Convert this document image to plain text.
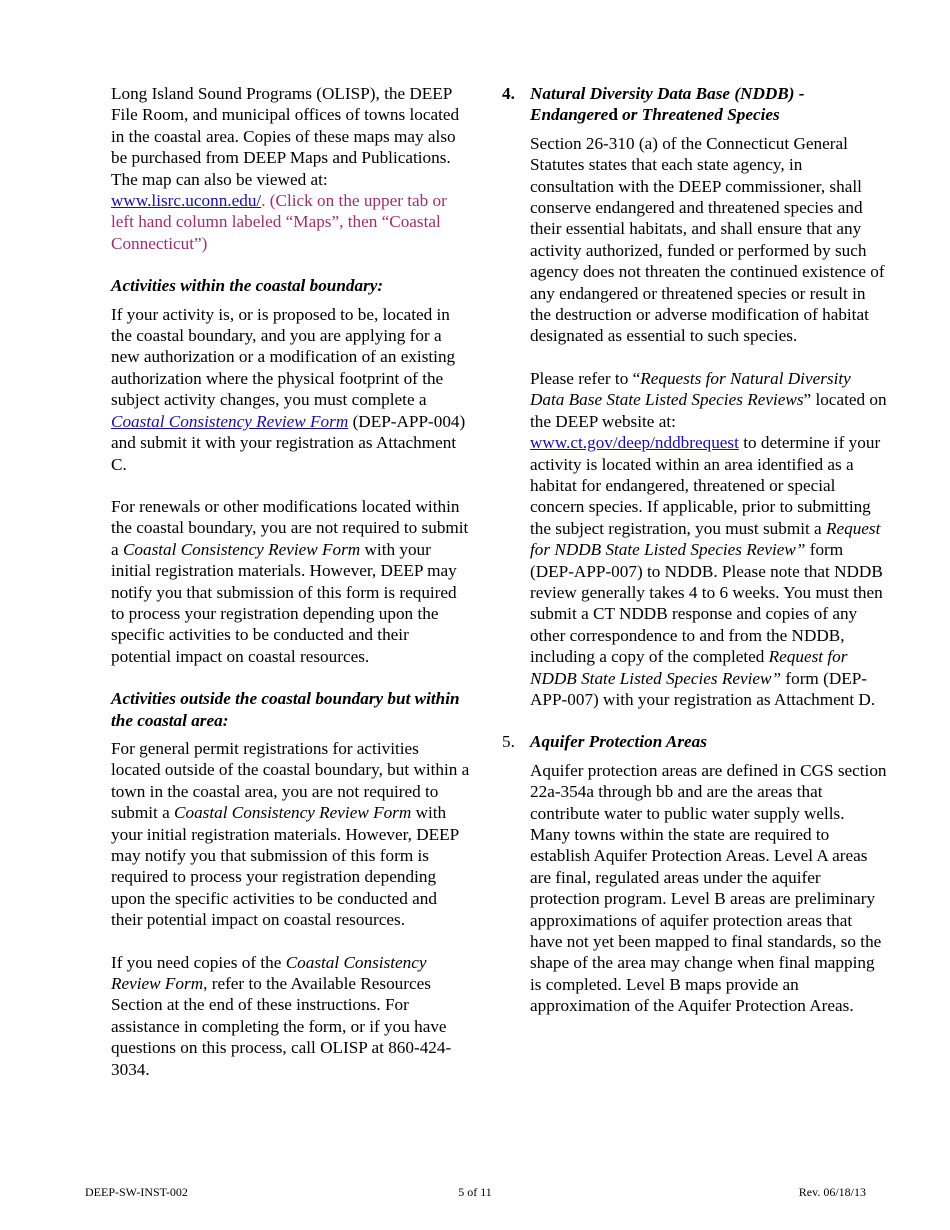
Long Island Sound Programs (OLISP), the DEEP File Room, and municipal offices of towns located in the coastal area. Copies of these maps may also be purchased from DEEP Maps and Publications. The map can also be viewed at: www.lisrc.uconn.edu/. (Click on the upper tab or left hand column labeled “Maps”, then “Coastal Connecticut”)

Activities within the coastal boundary:

If your activity is, or is proposed to be, located in the coastal boundary, and you are applying for a new authorization or a modification of an existing authorization where the physical footprint of the subject activity changes, you must complete a Coastal Consistency Review Form (DEP-APP-004) and submit it with your registration as Attachment C.

For renewals or other modifications located within the coastal boundary, you are not required to submit a Coastal Consistency Review Form with your initial registration materials. However, DEEP may notify you that submission of this form is required to process your registration depending upon the specific activities to be conducted and their potential impact on coastal resources.

Activities outside the coastal boundary but within the coastal area:

For general permit registrations for activities located outside of the coastal boundary, but within a town in the coastal area, you are not required to submit a Coastal Consistency Review Form with your initial registration materials. However, DEEP may notify you that submission of this form is required to process your registration depending upon the specific activities to be conducted and their potential impact on coastal resources.

If you need copies of the Coastal Consistency Review Form, refer to the Available Resources Section at the end of these instructions. For assistance in completing the form, or if you have questions on this process, call OLISP at 860-424-3034.

4. Natural Diversity Data Base (NDDB) - Endangered or Threatened Species

Section 26-310 (a) of the Connecticut General Statutes states that each state agency, in consultation with the DEEP commissioner, shall conserve endangered and threatened species and their essential habitats, and shall ensure that any activity authorized, funded or performed by such agency does not threaten the continued existence of any endangered or threatened species or result in the destruction or adverse modification of habitat designated as essential to such species.

Please refer to “Requests for Natural Diversity Data Base State Listed Species Reviews” located on the DEEP website at: www.ct.gov/deep/nddbrequest to determine if your activity is located within an area identified as a habitat for endangered, threatened or special concern species. If applicable, prior to submitting the subject registration, you must submit a Request for NDDB State Listed Species Review” form (DEP-APP-007) to NDDB. Please note that NDDB review generally takes 4 to 6 weeks. You must then submit a CT NDDB response and copies of any other correspondence to and from the NDDB, including a copy of the completed Request for NDDB State Listed Species Review” form (DEP-APP-007) with your registration as Attachment D.

5. Aquifer Protection Areas

Aquifer protection areas are defined in CGS section 22a-354a through bb and are the areas that contribute water to public water supply wells. Many towns within the state are required to establish Aquifer Protection Areas. Level A areas are final, regulated areas under the aquifer protection program. Level B areas are preliminary approximations of aquifer protection areas that have not yet been mapped to final standards, so the shape of the area may change when final mapping is completed. Level B maps provide an approximation of the Aquifer Protection Areas.

DEEP-SW-INST-002	5 of 11	Rev. 06/18/13
